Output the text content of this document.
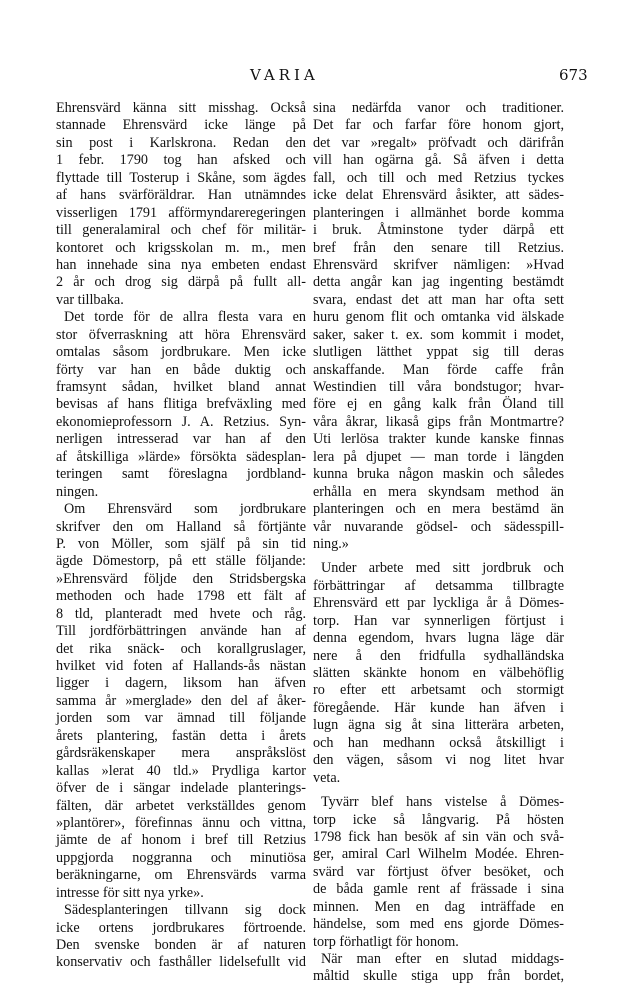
VARIA	673
Ehrensvärd känna sitt misshag. Också
stannade Ehrensvärd icke länge på
sin post i Karlskrona. Redan den
1 febr. 1790 tog han afsked och
flyttade till Tosterup i Skåne, som ägdes
af hans svärföräldrar. Han utnämndes
visserligen 1791 afförmyndareregeringen
till generalamiral och chef för militär-
kontoret och krigsskolan m. m., men
han innehade sina nya embeten endast
2 år och drog sig därpå på fullt all-
var tillbaka.
Det torde för de allra flesta vara en
stor öfverraskning att höra Ehrensvärd
omtalas såsom jordbrukare. Men icke
förty var han en både duktig och
framsynt sådan, hvilket bland annat
bevisas af hans flitiga brefväxling med
ekonomieprofessorn J. A. Retzius. Syn-
nerligen intresserad var han af den
af åtskilliga »lärde» försökta sädesplan-
teringen samt föreslagna jordbland-
ningen.
Om Ehrensvärd som jordbrukare
skrifver den om Halland så förtjänte
P. von Möller, som själf på sin tid
ägde Dömestorp, på ett ställe följande:
»Ehrensvärd följde den Stridsbergska
methoden och hade 1798 ett fält af
8 tld, planteradt med hvete och råg.
Till jordförbättringen använde han af
det rika snäck- och korallgruslager,
hvilket vid foten af Hallands-ås nästan
ligger i dagern, liksom han äfven
samma år »merglade» den del af åker-
jorden som var ämnad till följande
årets plantering, fastän detta i årets
gårdsräkenskaper mera anspråkslöst
kallas »lerat 40 tld.» Prydliga kartor
öfver de i sängar indelade planterings-
fälten, där arbetet verkställdes genom
»plantörer», förefinnas ännu och vittna,
jämte de af honom i bref till Retzius
uppgjorda noggranna och minutiösa
beräkningarne, om Ehrensvärds varma
intresse för sitt nya yrke».
Sädesplanteringen tillvann sig dock
icke ortens jordbrukares förtroende.
Den svenske bonden är af naturen
konservativ och fasthåller lidelsefullt vid
sina nedärfda vanor och traditioner.
Det far och farfar före honom gjort,
det var »regalt» pröfvadt och därifrån
vill han ogärna gå. Så äfven i detta
fall, och till och med Retzius tyckes
icke delat Ehrensvärd åsikter, att sädes-
planteringen i allmänhet borde komma
i bruk. Åtminstone tyder därpå ett
bref från den senare till Retzius.
Ehrensvärd skrifver nämligen: »Hvad
detta angår kan jag ingenting bestämdt
svara, endast det att man har ofta sett
huru genom flit och omtanka vid älskade
saker, saker t. ex. som kommit i modet,
slutligen lätthet yppat sig till deras
anskaffande. Man förde caffe från
Westindien till våra bondstugor; hvar-
före ej en gång kalk från Öland till
våra åkrar, likaså gips från Montmartre?
Uti lerlösa trakter kunde kanske finnas
lera på djupet — man torde i längden
kunna bruka någon maskin och således
erhålla en mera skyndsam method än
planteringen och en mera bestämd än
vår nuvarande gödsel- och sädesspill-
ning.»
Under arbete med sitt jordbruk och
förbättringar af detsamma tillbragte
Ehrensvärd ett par lyckliga år å Dömes-
torp. Han var synnerligen förtjust i
denna egendom, hvars lugna läge där
nere å den fridfulla sydhalländska
slätten skänkte honom en välbehöflig
ro efter ett arbetsamt och stormigt
föregående. Här kunde han äfven i
lugn ägna sig åt sina litterära arbeten,
och han medhann också åtskilligt i
den vägen, såsom vi nog litet hvar
veta.
Tyvärr blef hans vistelse å Dömes-
torp icke så långvarig. På hösten
1798 fick han besök af sin vän och svå-
ger, amiral Carl Wilhelm Modée. Ehren-
svärd var förtjust öfver besöket, och
de båda gamle rent af frässade i sina
minnen. Men en dag inträffade en
händelse, som med ens gjorde Dömes-
torp förhatligt för honom.
När man efter en slutad middags-
måltid skulle stiga upp från bordet,
